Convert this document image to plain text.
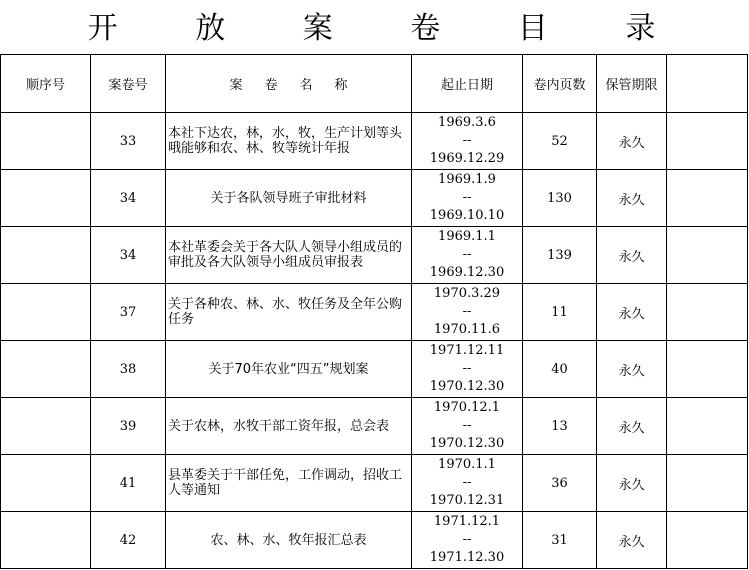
开 放 案 卷 目 录
顺序号	案卷号	案卷名称	起止日期	卷内页数	保管期限	
	33	本社下达农，林，水，牧，生产计划等头哦能够和农、林、牧等统计年报	1969.3.6
--
1969.12.29	52	永久	
	34	关于各队领导班子审批材料	1969.1.9
--
1969.10.10	130	永久	
	34	本社革委会关于各大队人领导小组成员的审批及各大队领导小组成员审报表	1969.1.1
--
1969.12.30	139	永久	
	37	关于各种农、林、水、牧任务及全年公购任务	1970.3.29
--
1970.11.6	11	永久	
	38	关于70年农业“四五”规划案	1971.12.11
--
1970.12.30	40	永久	
	39	关于农林，水牧干部工资年报，总会表	1970.12.1
--
1970.12.30	13	永久	
	41	县革委关于干部任免，工作调动，招收工人等通知	1970.1.1
--
1970.12.31	36	永久	
	42	农、林、水、牧年报汇总表	1971.12.1
--
1971.12.30	31	永久	
